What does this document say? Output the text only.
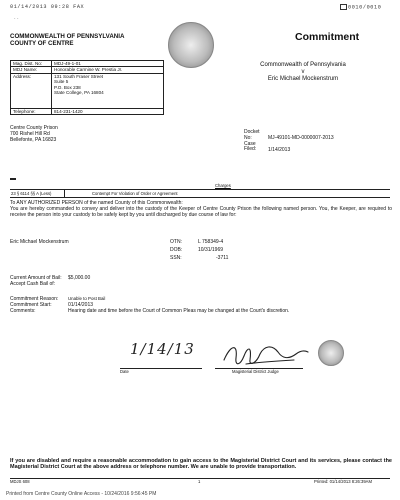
01/14/2013 09:28 FAX	0010/0010
· ·
COMMONWEALTH OF PENNSYLVANIA
COUNTY OF CENTRE
Commitment
Mag. Dist. No:	MDJ-49-1-01
MDJ Name:	Honorable Carmine W. Prestia Jr.
Address:	131 South Fraser Street
Suite 5
P.O. Box 238
State College, PA 16804

Telephone:	814-231-1420
Commonwealth of Pennsylvania
v
Eric Michael Mockenstrum
Centre County Prison
700 Rishel Hill Rd
Bellefonte, PA 16823
Docket No:	MJ-49101-MD-0000007-2013
Case Filed: 1/14/2013
Charges
23 § 6114 §§ A (Less)	Contempt For Violation of Order or Agreement
To ANY AUTHORIZED PERSON of the named County of this Commonwealth:
You are hereby commanded to convey and deliver into the custody of the Keeper of Centre County Prison the following named person. You, the Keeper, are required to receive the person into your custody to be safely kept by you until discharged by due course of law for:
Eric Michael Mockenstrum	OTN:	L 758349-4
DOB:	10/31/1969
SSN:	-3711
Current Amount of Bail: $5,000.00
Accept Cash Bail of:
Commitment Reason: Unable to Post Bail
Commitment Start:	01/14/2013
Comments:	Hearing date and time before the Court of Common Pleas may be changed at the Court's discretion.
1/14/13
Date	Magisterial District Judge
If you are disabled and require a reasonable accommodation to gain access to the Magisterial District Court and its services, please contact the Magisterial District Court at the above address or telephone number. We are unable to provide transportation.
MDJS 608	1	Printed: 01/14/2013 8:26:39AM
Printed from Centre County Online Access - 10/24/2016 9:56:45 PM
